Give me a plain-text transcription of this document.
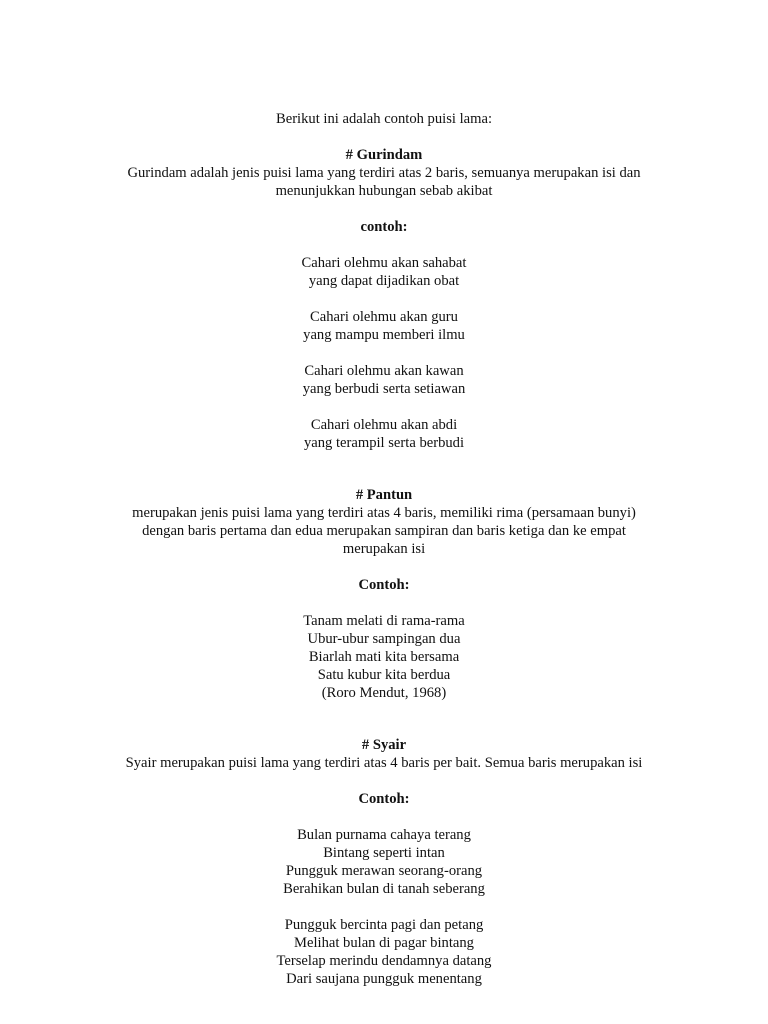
Berikut ini adalah contoh puisi lama:
# Gurindam
Gurindam adalah jenis puisi lama yang terdiri atas 2 baris, semuanya merupakan isi dan
menunjukkan hubungan sebab akibat
contoh:
Cahari olehmu akan sahabat
yang dapat dijadikan obat
Cahari olehmu akan guru
yang mampu memberi ilmu
Cahari olehmu akan kawan
yang berbudi serta setiawan
Cahari olehmu akan abdi
yang terampil serta berbudi
# Pantun
merupakan jenis puisi lama yang terdiri atas 4 baris, memiliki rima (persamaan bunyi)
dengan baris pertama dan edua merupakan sampiran dan baris ketiga dan ke empat
merupakan isi
Contoh:
Tanam melati di rama-rama
Ubur-ubur sampingan dua
Biarlah mati kita bersama
Satu kubur kita berdua
(Roro Mendut, 1968)
# Syair
Syair merupakan puisi lama yang terdiri atas 4 baris per bait. Semua baris merupakan isi
Contoh:
Bulan purnama cahaya terang
Bintang seperti intan
Pungguk merawan seorang-orang
Berahikan bulan di tanah seberang
Pungguk bercinta pagi dan petang
Melihat bulan di pagar bintang
Terselap merindu dendamnya datang
Dari saujana pungguk menentang
